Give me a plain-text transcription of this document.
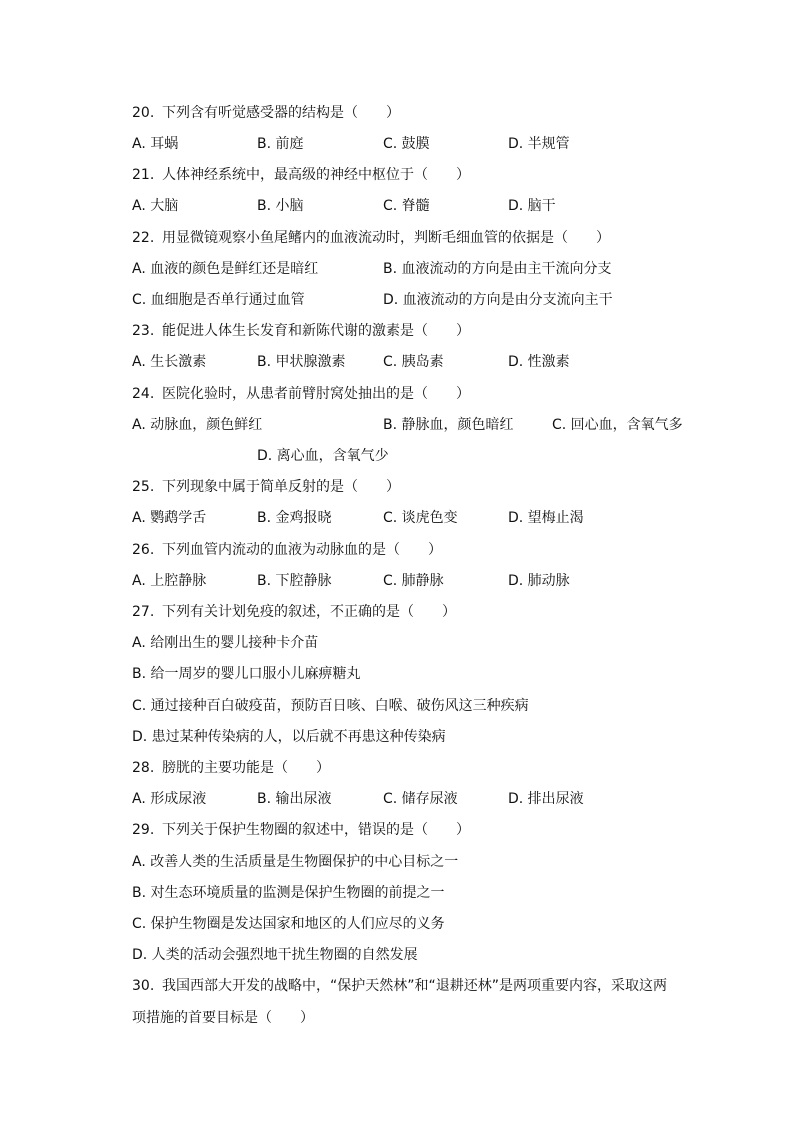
20. 下列含有听觉感受器的结构是（　　）
A. 耳蜗	B. 前庭	C. 鼓膜	D. 半规管
21. 人体神经系统中，最高级的神经中枢位于（　　）
A. 大脑	B. 小脑	C. 脊髓	D. 脑干
22. 用显微镜观察小鱼尾鳍内的血液流动时，判断毛细血管的依据是（　　）
A. 血液的颜色是鲜红还是暗红	B. 血液流动的方向是由主干流向分支
C. 血细胞是否单行通过血管	D. 血液流动的方向是由分支流向主干
23. 能促进人体生长发育和新陈代谢的激素是（　　）
A. 生长激素	B. 甲状腺激素	C. 胰岛素	D. 性激素
24. 医院化验时，从患者前臂肘窝处抽出的是（　　）
A. 动脉血，颜色鲜红	B. 静脉血，颜色暗红	C. 回心血，含氧气多
D. 离心血，含氧气少
25. 下列现象中属于简单反射的是（　　）
A. 鹦鹉学舌	B. 金鸡报晓	C. 谈虎色变	D. 望梅止渴
26. 下列血管内流动的血液为动脉血的是（　　）
A. 上腔静脉	B. 下腔静脉	C. 肺静脉	D. 肺动脉
27. 下列有关计划免疫的叙述，不正确的是（　　）
A. 给刚出生的婴儿接种卡介苗
B. 给一周岁的婴儿口服小儿麻痹糖丸
C. 通过接种百白破疫苗，预防百日咳、白喉、破伤风这三种疾病
D. 患过某种传染病的人，以后就不再患这种传染病
28. 膀胱的主要功能是（　　）
A. 形成尿液	B. 输出尿液	C. 储存尿液	D. 排出尿液
29. 下列关于保护生物圈的叙述中，错误的是（　　）
A. 改善人类的生活质量是生物圈保护的中心目标之一
B. 对生态环境质量的监测是保护生物圈的前提之一
C. 保护生物圈是发达国家和地区的人们应尽的义务
D. 人类的活动会强烈地干扰生物圈的自然发展
30. 我国西部大开发的战略中，“保护天然林”和“退耕还林”是两项重要内容，采取这两
项措施的首要目标是（　　）
